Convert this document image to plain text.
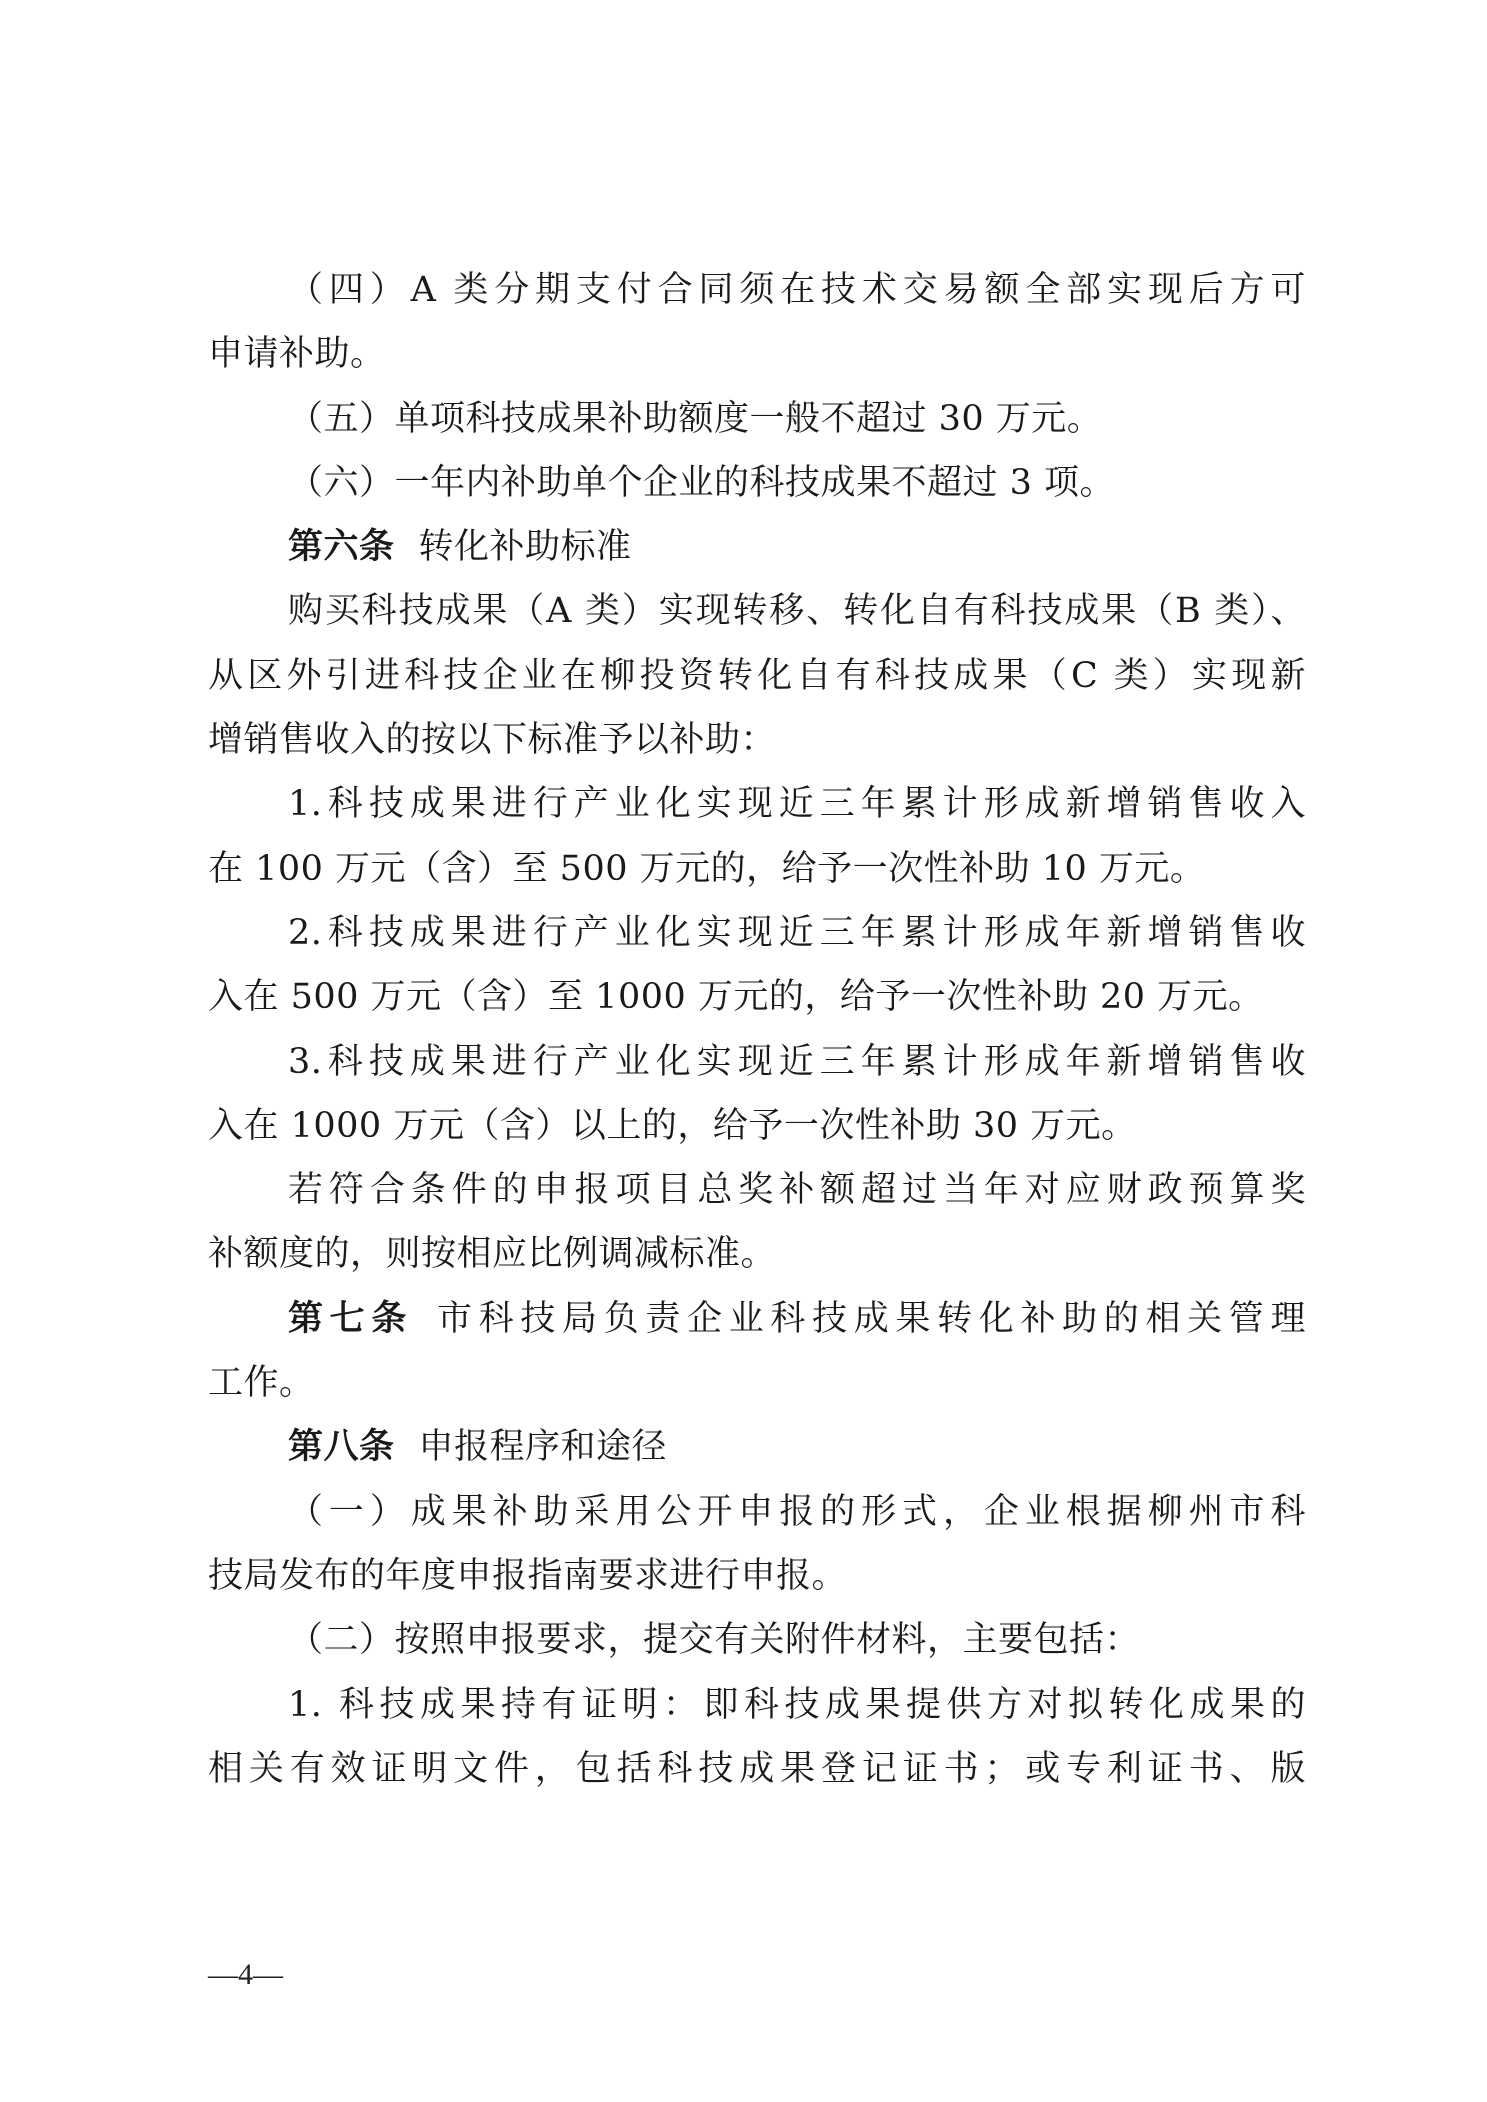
（四）A 类分期支付合同须在技术交易额全部实现后方可
申请补助。
（五）单项科技成果补助额度一般不超过 30 万元。
（六）一年内补助单个企业的科技成果不超过 3 项。
第六条 转化补助标准
购买科技成果（A 类）实现转移、转化自有科技成果（B 类）、
从区外引进科技企业在柳投资转化自有科技成果（C 类）实现新
增销售收入的按以下标准予以补助：
1.科技成果进行产业化实现近三年累计形成新增销售收入
在 100 万元（含）至 500 万元的，给予一次性补助 10 万元。
2.科技成果进行产业化实现近三年累计形成年新增销售收
入在 500 万元（含）至 1000 万元的，给予一次性补助 20 万元。
3.科技成果进行产业化实现近三年累计形成年新增销售收
入在 1000 万元（含）以上的，给予一次性补助 30 万元。
若符合条件的申报项目总奖补额超过当年对应财政预算奖
补额度的，则按相应比例调减标准。
第七条 市科技局负责企业科技成果转化补助的相关管理
工作。
第八条 申报程序和途径
（一）成果补助采用公开申报的形式，企业根据柳州市科
技局发布的年度申报指南要求进行申报。
（二）按照申报要求，提交有关附件材料，主要包括：
1. 科技成果持有证明：即科技成果提供方对拟转化成果的
相关有效证明文件，包括科技成果登记证书；或专利证书、版
—4—
